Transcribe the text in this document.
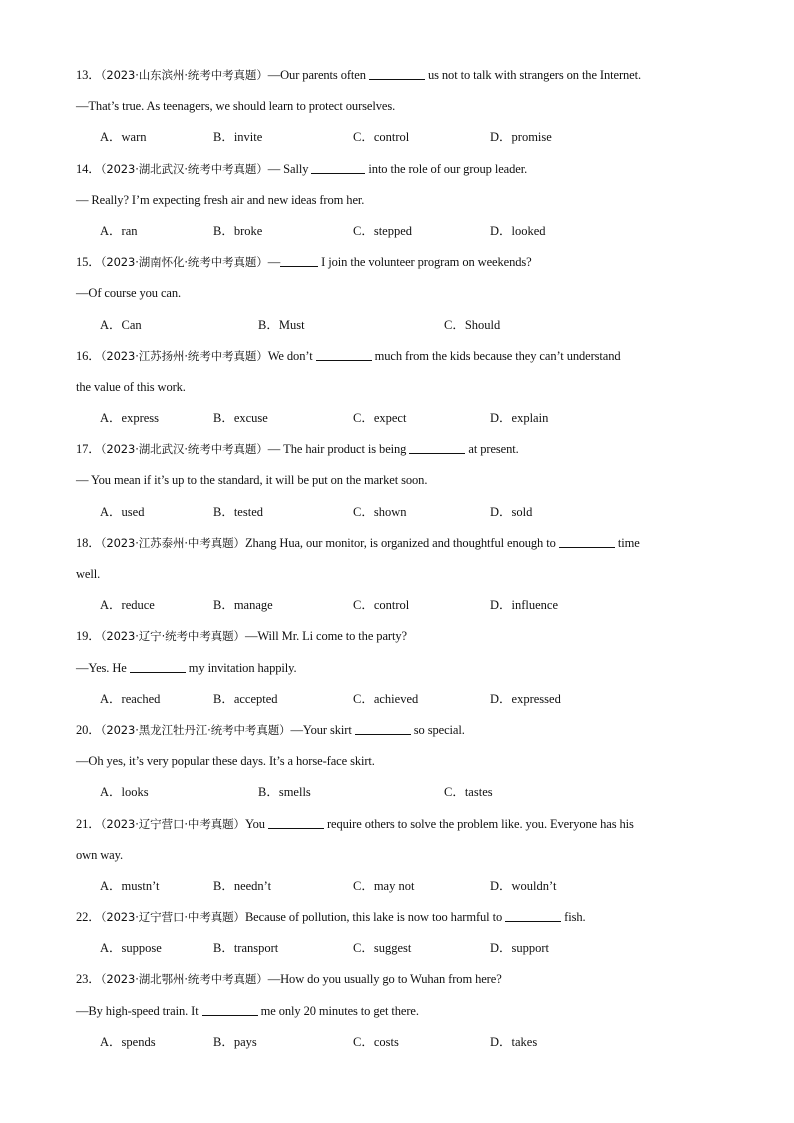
13．（2023·山东滨州·统考中考真题）—Our parents often	us not to talk with strangers on the Internet.
—That’s true. As teenagers, we should learn to protect ourselves.
A．warn	B．invite	C．control	D．promise
14．（2023·湖北武汉·统考中考真题）— Sally	into the role of our group leader.
— Really? I’m expecting fresh air and new ideas from her.
A．ran	B．broke	C．stepped	D．looked
15．（2023·湖南怀化·统考中考真题）—	I join the volunteer program on weekends?
—Of course you can.
A．Can	B．Must	C．Should
16．（2023·江苏扬州·统考中考真题）We don’t	much from the kids because they can’t understand
the value of this work.
A．express	B．excuse	C．expect	D．explain
17．（2023·湖北武汉·统考中考真题）— The hair product is being	at present.
— You mean if it’s up to the standard, it will be put on the market soon.
A．used	B．tested	C．shown	D．sold
18．（2023·江苏泰州·中考真题）Zhang Hua, our monitor, is organized and thoughtful enough to	time
well.
A．reduce	B．manage	C．control	D．influence
19．（2023·辽宁·统考中考真题）—Will Mr. Li come to the party?
—Yes. He	my invitation happily.
A．reached	B．accepted	C．achieved	D．expressed
20．（2023·黑龙江牡丹江·统考中考真题）—Your skirt	so special.
—Oh yes, it’s very popular these days. It’s a horse-face skirt.
A．looks	B．smells	C．tastes
21．（2023·辽宁营口·中考真题）You	require others to solve the problem like. you. Everyone has his
own way.
A．mustn’t	B．needn’t	C．may not	D．wouldn’t
22．（2023·辽宁营口·中考真题）Because of pollution, this lake is now too harmful to	fish.
A．suppose	B．transport	C．suggest	D．support
23．（2023·湖北鄂州·统考中考真题）—How do you usually go to Wuhan from here?
—By high-speed train. It	me only 20 minutes to get there.
A．spends	B．pays	C．costs	D．takes
